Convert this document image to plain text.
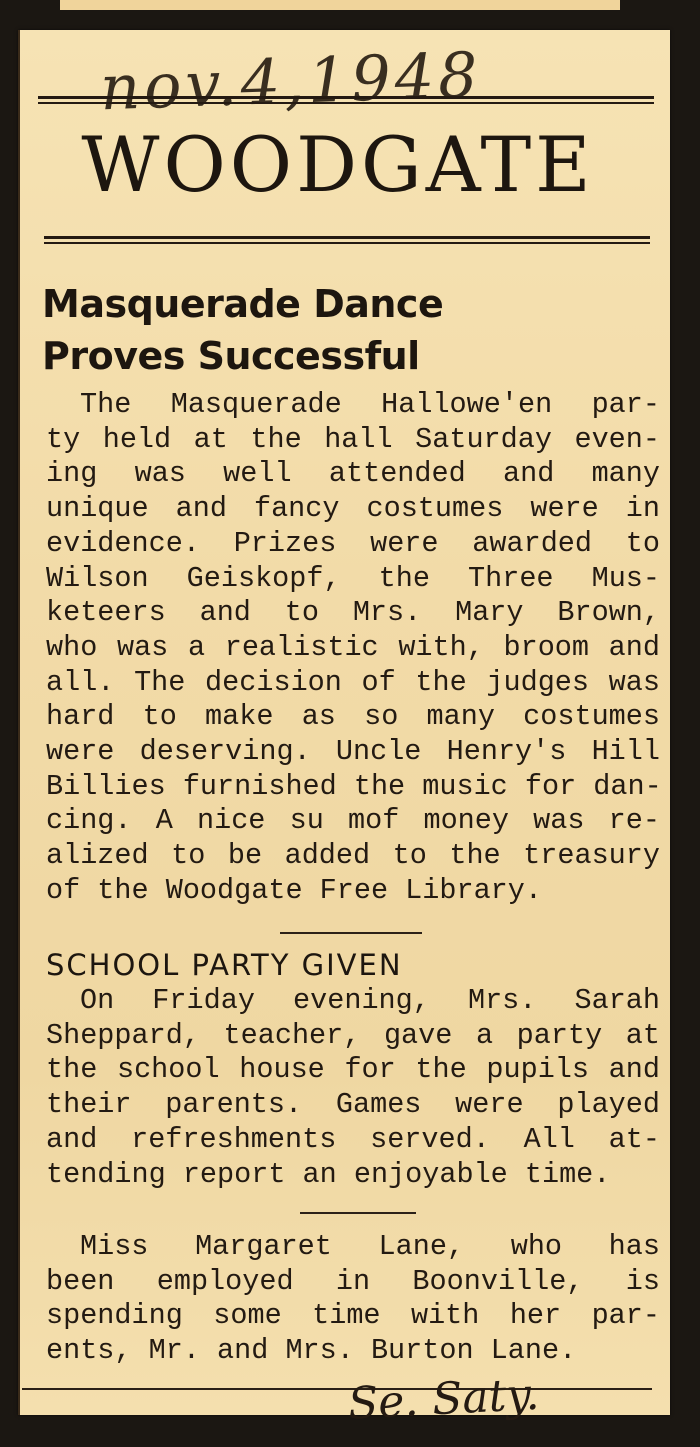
nov.4,1948
WOODGATE
Masquerade Dance
Proves Successful
The Masquerade Hallowe'en par-
ty held at the hall Saturday even-
ing was well attended and many
unique and fancy costumes were in
evidence. Prizes were awarded to
Wilson Geiskopf, the Three Mus-
keteers and to Mrs. Mary Brown,
who was a realistic with, broom and
all. The decision of the judges was
hard to make as so many costumes
were deserving. Uncle Henry's Hill
Billies furnished the music for dan-
cing. A nice su mof money was re-
alized to be added to the treasury
of the Woodgate Free Library.
SCHOOL PARTY GIVEN
On Friday evening, Mrs. Sarah
Sheppard, teacher, gave a party at
the school house for the pupils and
their parents. Games were played
and refreshments served. All at-
tending report an enjoyable time.
Miss Margaret Lane, who has
been employed in Boonville, is
spending some time with her par-
ents, Mr. and Mrs. Burton Lane.
Se. Saty.
